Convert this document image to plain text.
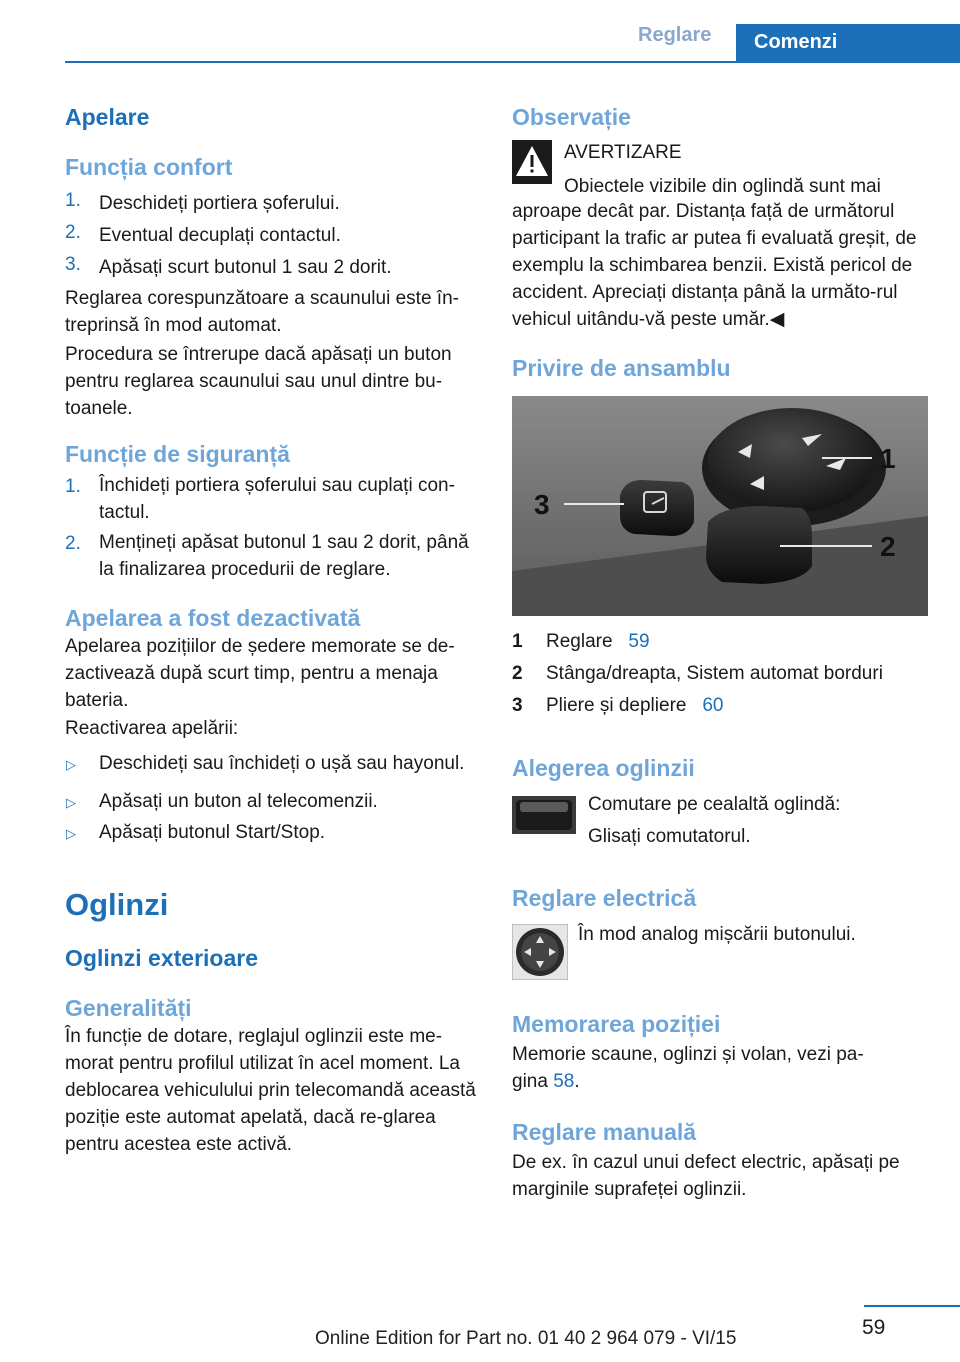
Reglare	Comenzi
Apelare
Funcția confort
1. Deschideți portiera șoferului.
2. Eventual decuplați contactul.
3. Apăsați scurt butonul 1 sau 2 dorit.
Reglarea corespunzătoare a scaunului este în‐treprinsă în mod automat.
Procedura se întrerupe dacă apăsați un buton pentru reglarea scaunului sau unul dintre bu‐toanele.
Funcție de siguranță
1. Închideți portiera șoferului sau cuplați con‐tactul.
2. Mențineți apăsat butonul 1 sau 2 dorit, până la finalizarea procedurii de reglare.
Apelarea a fost dezactivată
Apelarea pozițiilor de ședere memorate se de‐zactivează după scurt timp, pentru a menaja bateria.
Reactivarea apelării:
▷ Deschideți sau închideți o ușă sau hayonul.
▷ Apăsați un buton al telecomenzii.
▷ Apăsați butonul Start/Stop.
Oglinzi
Oglinzi exterioare
Generalități
În funcție de dotare, reglajul oglinzii este me‐morat pentru profilul utilizat în acel moment. La deblocarea vehiculului prin telecomandă această poziție este automat apelată, dacă re‐glarea pentru acestea este activă.
Observație
AVERTIZARE
Obiectele vizibile din oglindă sunt mai
aproape decât par. Distanța față de următorul participant la trafic ar putea fi evaluată greșit, de exemplu la schimbarea benzii. Există pericol de accident. Apreciați distanța până la următo‐rul vehicul uitându-vă peste umăr.◀
Privire de ansamblu
3
1
2
1 Reglare 59
2 Stânga/dreapta, Sistem automat borduri
3 Pliere și depliere 60
Alegerea oglinzii
Comutare pe cealaltă oglindă:
Glisați comutatorul.
Reglare electrică
În mod analog mișcării butonului.
Memorarea poziției
Memorie scaune, oglinzi și volan, vezi pa‐gina 58.
Reglare manuală
De ex. în cazul unui defect electric, apăsați pe marginile suprafeței oglinzii.
59
Online Edition for Part no. 01 40 2 964 079 - VI/15
